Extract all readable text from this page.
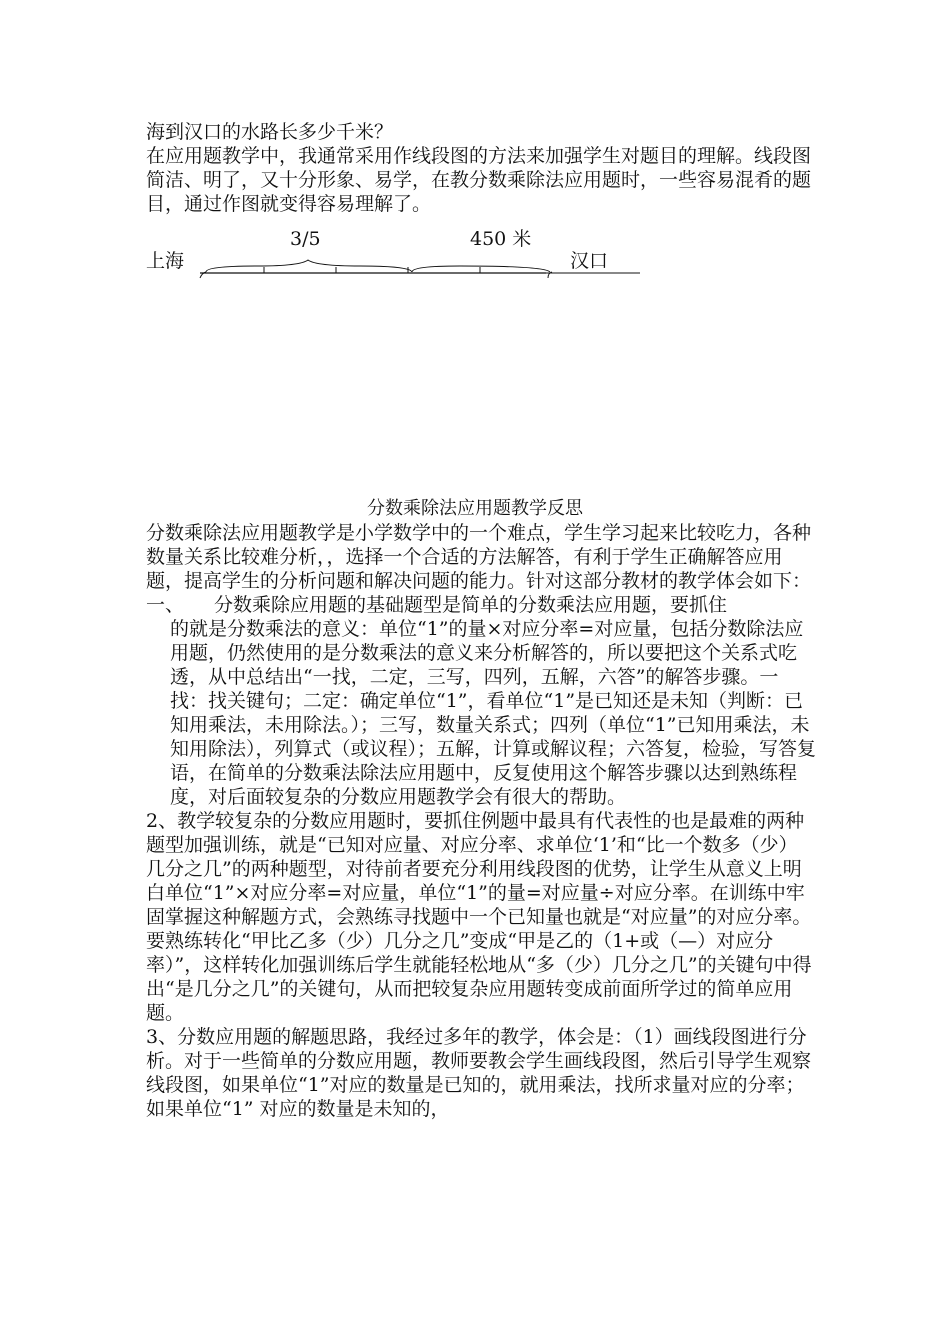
海到汉口的水路长多少千米？

在应用题教学中，我通常采用作线段图的方法来加强学生对题目的理解。线段图简洁、明了，又十分形象、易学，在教分数乘除法应用题时，一些容易混肴的题目，通过作图就变得容易理解了。

3/5	450 米
上海	汉口
分数乘除法应用题教学反思

分数乘除法应用题教学是小学数学中的一个难点，学生学习起来比较吃力，各种数量关系比较难分析，，选择一个合适的方法解答，有利于学生正确解答应用题，提高学生的分析问题和解决问题的能力。针对这部分教材的教学体会如下：

一、	分数乘除应用题的基础题型是简单的分数乘法应用题，要抓住

的就是分数乘法的意义：单位“1”的量×对应分率=对应量，包括分数除法应用题，仍然使用的是分数乘法的意义来分析解答的，所以要把这个关系式吃透，从中总结出“一找，二定，三写，四列，五解，六答”的解答步骤。一找：找关键句；二定：确定单位“1”，看单位“1”是已知还是未知（判断：已知用乘法，未用除法。）；三写，数量关系式；四列（单位“1”已知用乘法，未知用除法），列算式（或议程）；五解，计算或解议程；六答复，检验，写答复语，在简单的分数乘法除法应用题中，反复使用这个解答步骤以达到熟练程度，对后面较复杂的分数应用题教学会有很大的帮助。

2、教学较复杂的分数应用题时，要抓住例题中最具有代表性的也是最难的两种题型加强训练，就是“已知对应量、对应分率、求单位‘1’和“比一个数多（少）几分之几”的两种题型，对待前者要充分利用线段图的优势，让学生从意义上明白单位“1”×对应分率=对应量，单位“1”的量=对应量÷对应分率。在训练中牢固掌握这种解题方式，会熟练寻找题中一个已知量也就是“对应量”的对应分率。要熟练转化“甲比乙多（少）几分之几”变成“甲是乙的（1+或（—）对应分率）”，这样转化加强训练后学生就能轻松地从“多（少）几分之几”的关键句中得出“是几分之几”的关键句，从而把较复杂应用题转变成前面所学过的简单应用题。

3、分数应用题的解题思路，我经过多年的教学，体会是：（1）画线段图进行分析。对于一些简单的分数应用题，教师要教会学生画线段图，然后引导学生观察线段图，如果单位“1”对应的数量是已知的，就用乘法，找所求量对应的分率；如果单位“1” 对应的数量是未知的，
